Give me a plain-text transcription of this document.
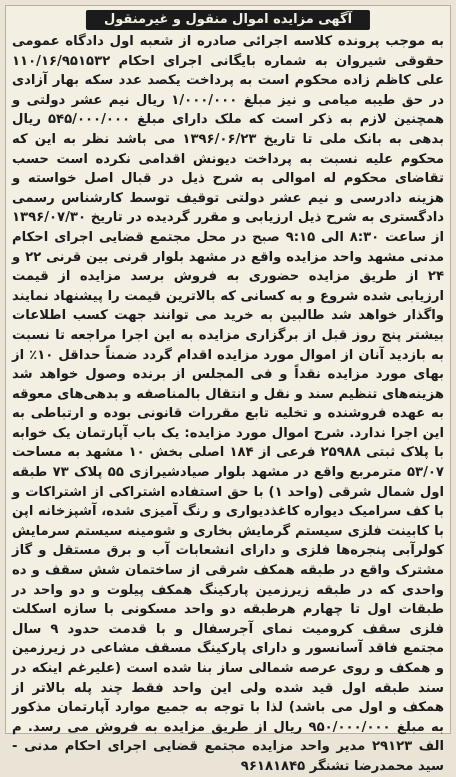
آگهی مزایده اموال منقول و غیرمنقول

به موجب پرونده کلاسه اجرائی صادره از شعبه اول دادگاه عمومی حقوقی شیروان به شماره بایگانی اجرای احکام ۱۱۰/۱۶/۹۵۱۵۳۲ علی کاظم زاده محکوم است به پرداخت یکصد عدد سکه بهار آزادی در حق طیبه میامی و نیز مبلغ ۱/۰۰۰/۰۰۰ ریال نیم عشر دولتی و همچنین لازم به ذکر است که ملک دارای مبلغ ۵۴۵/۰۰۰/۰۰۰ ریال بدهی به بانک ملی تا تاریخ ۱۳۹۶/۰۶/۲۳ می باشد نظر به این که محکوم علیه نسبت به پرداخت دیونش اقدامی نکرده است حسب تقاضای محکوم له اموالی به شرح ذیل در قبال اصل خواسته و هزینه دادرسی و نیم عشر دولتی توقیف توسط کارشناس رسمی دادگستری به شرح ذیل ارزیابی و مقرر گردیده در تاریخ ۱۳۹۶/۰۷/۳۰ از ساعت ۸:۳۰ الی ۹:۱۵ صبح در محل مجتمع قضایی اجرای احکام مدنی مشهد واحد مزایده واقع در مشهد بلوار قرنی بین قرنی ۲۲ و ۲۴ از طریق مزایده حضوری به فروش برسد مزایده از قیمت ارزیابی شده شروع و به کسانی که بالاترین قیمت را پیشنهاد نمایند واگذار خواهد شد طالبین به خرید می توانند جهت کسب اطلاعات بیشتر پنج روز قبل از برگزاری مزایده به این اجرا مراجعه تا نسبت به بازدید آنان از اموال مورد مزایده اقدام گردد ضمناً حداقل ۱۰٪ از بهای مورد مزایده نقداً و فی المجلس از برنده وصول خواهد شد هزینه‌های تنظیم سند و نقل و انتقال بالمناصفه و بدهی‌های معوقه به عهده فروشنده و تخلیه تابع مقررات قانونی بوده و ارتباطی به این اجرا ندارد. شرح اموال مورد مزایده: یک باب آپارتمان یک خوابه با پلاک ثبتی ۲۵۹۸۸ فرعی از ۱۸۴ اصلی بخش ۱۰ مشهد به مساحت ۵۳/۰۷ مترمربع واقع در مشهد بلوار صیادشیرازی ۵۵ پلاک ۷۳ طبقه اول شمال شرقی (واحد ۱) با حق استفاده اشتراکی از اشتراکات و با کف سرامیک دیواره کاغذدیواری و رنگ آمیزی شده، آشپزخانه اپن با کابینت فلزی سیستم گرمایش بخاری و شومینه سیستم سرمایش کولرآبی پنجره‌ها فلزی و دارای انشعابات آب و برق مستقل و گاز مشترک واقع در طبقه همکف شرقی از ساختمان شش سقف و ده واحدی که در طبقه زیرزمین پارکینگ همکف پیلوت و دو واحد در طبقات اول تا چهارم هرطبقه دو واحد مسکونی با سازه اسکلت فلزی سقف کرومیت نمای آجرسفال و با قدمت حدود ۹ سال مجتمع فاقد آسانسور و دارای پارکینگ مسقف مشاعی در زیرزمین و همکف و روی عرصه شمالی ساز بنا شده است (علیرغم اینکه در سند طبقه اول قید شده ولی این واحد فقط چند پله بالاتر از همکف و اول می باشد) لذا با توجه به جمیع موارد آپارتمان مذکور به مبلغ ۹۵۰/۰۰۰/۰۰۰ ریال از طریق مزایده به فروش می رسد. م الف ۲۹۱۲۳ مدیر واحد مزایده مجتمع قضایی اجرای احکام مدنی - سید محمدرضا تشنگر ۹۶۱۸۱۸۴۵
